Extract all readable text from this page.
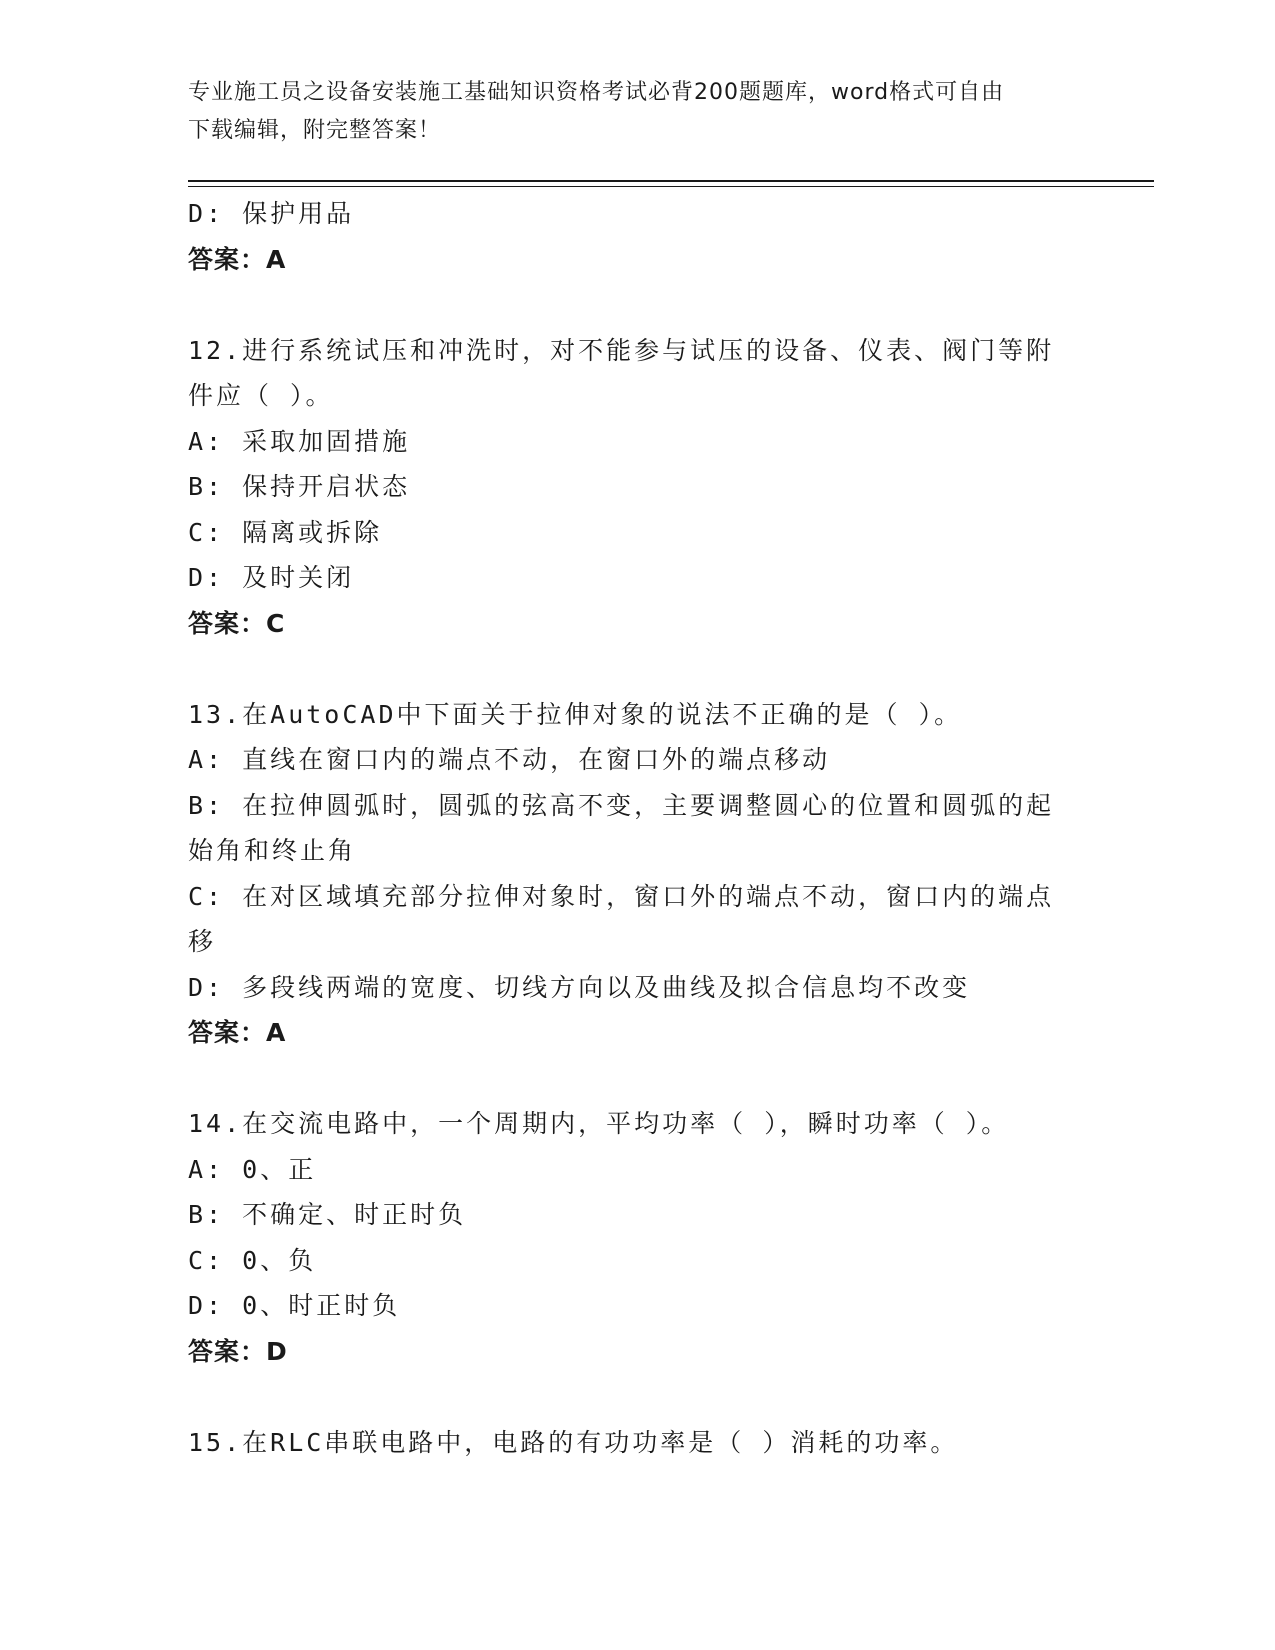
专业施工员之设备安装施工基础知识资格考试必背200题题库，word格式可自由
下载编辑，附完整答案！
D: 保护用品
答案：A
12.进行系统试压和冲洗时，对不能参与试压的设备、仪表、阀门等附
件应（ ）。
A: 采取加固措施
B: 保持开启状态
C: 隔离或拆除
D: 及时关闭
答案：C
13.在AutoCAD中下面关于拉伸对象的说法不正确的是（ ）。
A: 直线在窗口内的端点不动，在窗口外的端点移动
B: 在拉伸圆弧时，圆弧的弦高不变，主要调整圆心的位置和圆弧的起
始角和终止角
C: 在对区域填充部分拉伸对象时，窗口外的端点不动，窗口内的端点
移
D: 多段线两端的宽度、切线方向以及曲线及拟合信息均不改变
答案：A
14.在交流电路中，一个周期内，平均功率（ ），瞬时功率（ ）。
A: 0、正
B: 不确定、时正时负
C: 0、负
D: 0、时正时负
答案：D
15.在RLC串联电路中，电路的有功功率是（ ）消耗的功率。
